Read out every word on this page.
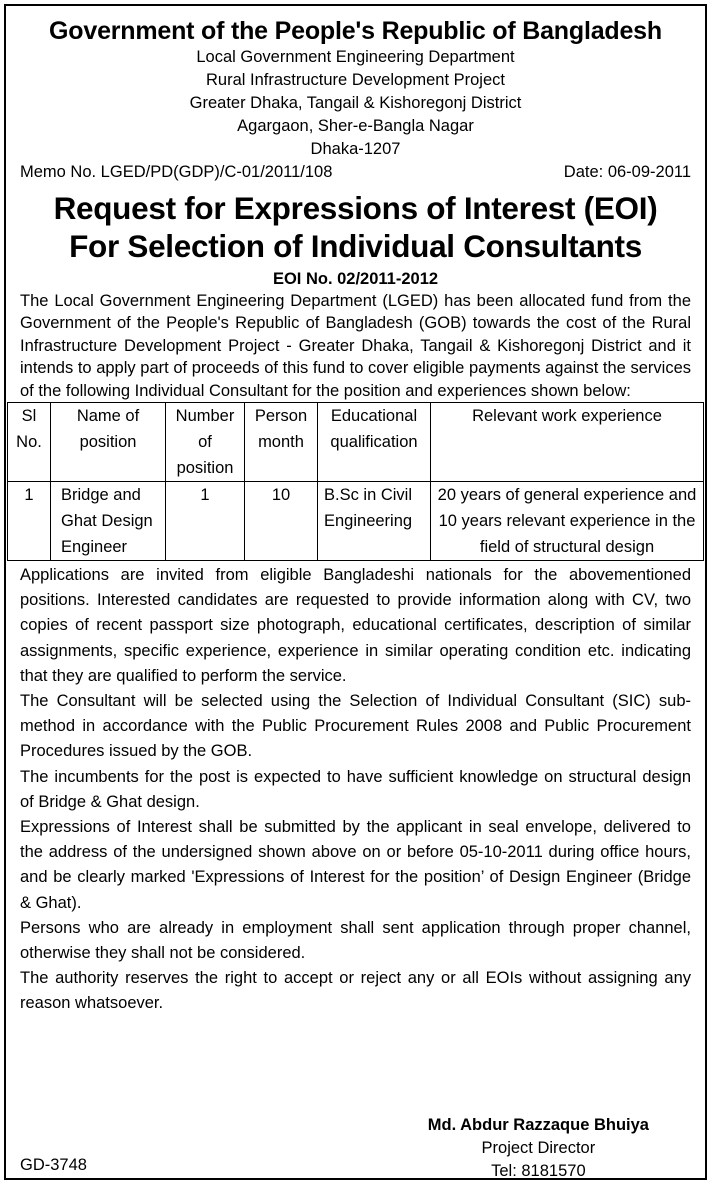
Government of the People's Republic of Bangladesh
Local Government Engineering Department
Rural Infrastructure Development Project
Greater Dhaka, Tangail & Kishoregonj District
Agargaon, Sher-e-Bangla Nagar
Dhaka-1207
Memo No. LGED/PD(GDP)/C-01/2011/108	Date: 06-09-2011
Request for Expressions of Interest (EOI)
For Selection of Individual Consultants
EOI No. 02/2011-2012

The Local Government Engineering Department (LGED) has been allocated fund from the Government of the People's Republic of Bangladesh (GOB) towards the cost of the Rural Infrastructure Development Project - Greater Dhaka, Tangail & Kishoregonj District and it intends to apply part of proceeds of this fund to cover eligible payments against the services of the following Individual Consultant for the position and experiences shown below:

Sl No.	Name of position	Number of position	Person month	Educational qualification	Relevant work experience
1	Bridge and Ghat Design Engineer	1	10	B.Sc in Civil Engineering	20 years of general experience and 10 years relevant experience in the field of structural design

Applications are invited from eligible Bangladeshi nationals for the abovementioned positions. Interested candidates are requested to provide information along with CV, two copies of recent passport size photograph, educational certificates, description of similar assignments, specific experience, experience in similar operating condition etc. indicating that they are qualified to perform the service.

The Consultant will be selected using the Selection of Individual Consultant (SIC) sub-method in accordance with the Public Procurement Rules 2008 and Public Procurement Procedures issued by the GOB.

The incumbents for the post is expected to have sufficient knowledge on structural design of Bridge & Ghat design.

Expressions of Interest shall be submitted by the applicant in seal envelope, delivered to the address of the undersigned shown above on or before 05-10-2011 during office hours, and be clearly marked 'Expressions of Interest for the position’ of Design Engineer (Bridge & Ghat).

Persons who are already in employment shall sent application through proper channel, otherwise they shall not be considered.

The authority reserves the right to accept or reject any or all EOIs without assigning any reason whatsoever.

Md. Abdur Razzaque Bhuiya
Project Director
Tel: 8181570
GD-3748
